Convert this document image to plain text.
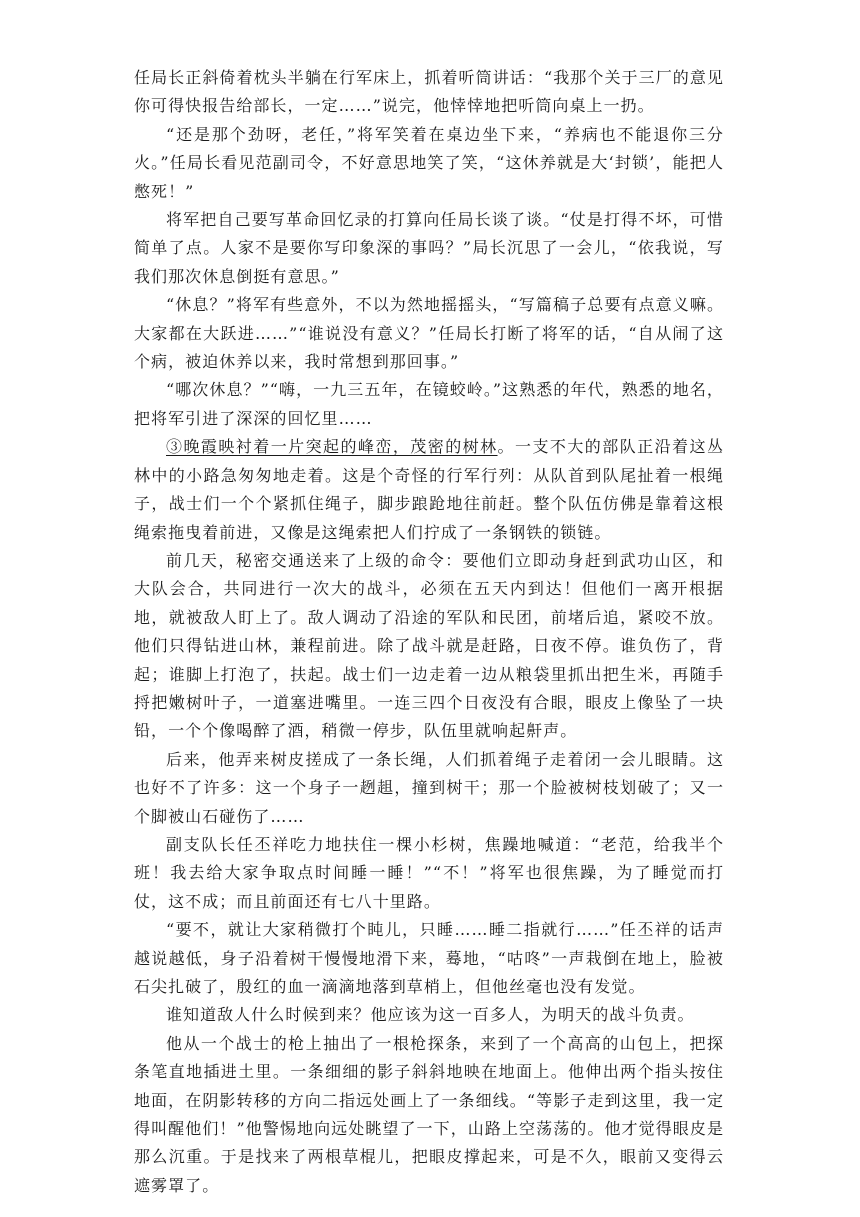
任局长正斜倚着枕头半躺在行军床上，抓着听筒讲话：“我那个关于三厂的意见你可得快报告给部长，一定……”说完，他悻悻地把听筒向桌上一扔。

“还是那个劲呀，老任，”将军笑着在桌边坐下来，“养病也不能退你三分火。”任局长看见范副司令，不好意思地笑了笑，“这休养就是大‘封锁’，能把人憋死！”

将军把自己要写革命回忆录的打算向任局长谈了谈。“仗是打得不坏，可惜简单了点。人家不是要你写印象深的事吗？”局长沉思了一会儿，“依我说，写我们那次休息倒挺有意思。”

“休息？”将军有些意外，不以为然地摇摇头，“写篇稿子总要有点意义嘛。大家都在大跃进……”“谁说没有意义？”任局长打断了将军的话，“自从闹了这个病，被迫休养以来，我时常想到那回事。”

“哪次休息？”“嗨，一九三五年，在镜蛟岭。”这熟悉的年代，熟悉的地名，把将军引进了深深的回忆里……

③晚霞映衬着一片突起的峰峦，茂密的树林。一支不大的部队正沿着这丛林中的小路急匆匆地走着。这是个奇怪的行军行列：从队首到队尾扯着一根绳子，战士们一个个紧抓住绳子，脚步踉跄地往前赶。整个队伍仿佛是靠着这根绳索拖曳着前进，又像是这绳索把人们拧成了一条钢铁的锁链。

前几天，秘密交通送来了上级的命令：要他们立即动身赶到武功山区，和大队会合，共同进行一次大的战斗，必须在五天内到达！但他们一离开根据地，就被敌人盯上了。敌人调动了沿途的军队和民团，前堵后追，紧咬不放。他们只得钻进山林，兼程前进。除了战斗就是赶路，日夜不停。谁负伤了，背起；谁脚上打泡了，扶起。战士们一边走着一边从粮袋里抓出把生米，再随手捋把嫩树叶子，一道塞进嘴里。一连三四个日夜没有合眼，眼皮上像坠了一块铅，一个个像喝醉了酒，稍微一停步，队伍里就响起鼾声。

后来，他弄来树皮搓成了一条长绳，人们抓着绳子走着闭一会儿眼睛。这也好不了许多：这一个身子一趔趄，撞到树干；那一个脸被树枝划破了；又一个脚被山石碰伤了……

副支队长任丕祥吃力地扶住一棵小杉树，焦躁地喊道：“老范，给我半个班！我去给大家争取点时间睡一睡！”“不！”将军也很焦躁，为了睡觉而打仗，这不成；而且前面还有七八十里路。

“要不，就让大家稍微打个盹儿，只睡……睡二指就行……”任丕祥的话声越说越低，身子沿着树干慢慢地滑下来，蓦地，“咕咚”一声栽倒在地上，脸被石尖扎破了，殷红的血一滴滴地落到草梢上，但他丝毫也没有发觉。

谁知道敌人什么时候到来？他应该为这一百多人，为明天的战斗负责。

他从一个战士的枪上抽出了一根枪探条，来到了一个高高的山包上，把探条笔直地插进土里。一条细细的影子斜斜地映在地面上。他伸出两个指头按住地面，在阴影转移的方向二指远处画上了一条细线。“等影子走到这里，我一定得叫醒他们！”他警惕地向远处眺望了一下，山路上空荡荡的。他才觉得眼皮是那么沉重。于是找来了两根草棍儿，把眼皮撑起来，可是不久，眼前又变得云遮雾罩了。
